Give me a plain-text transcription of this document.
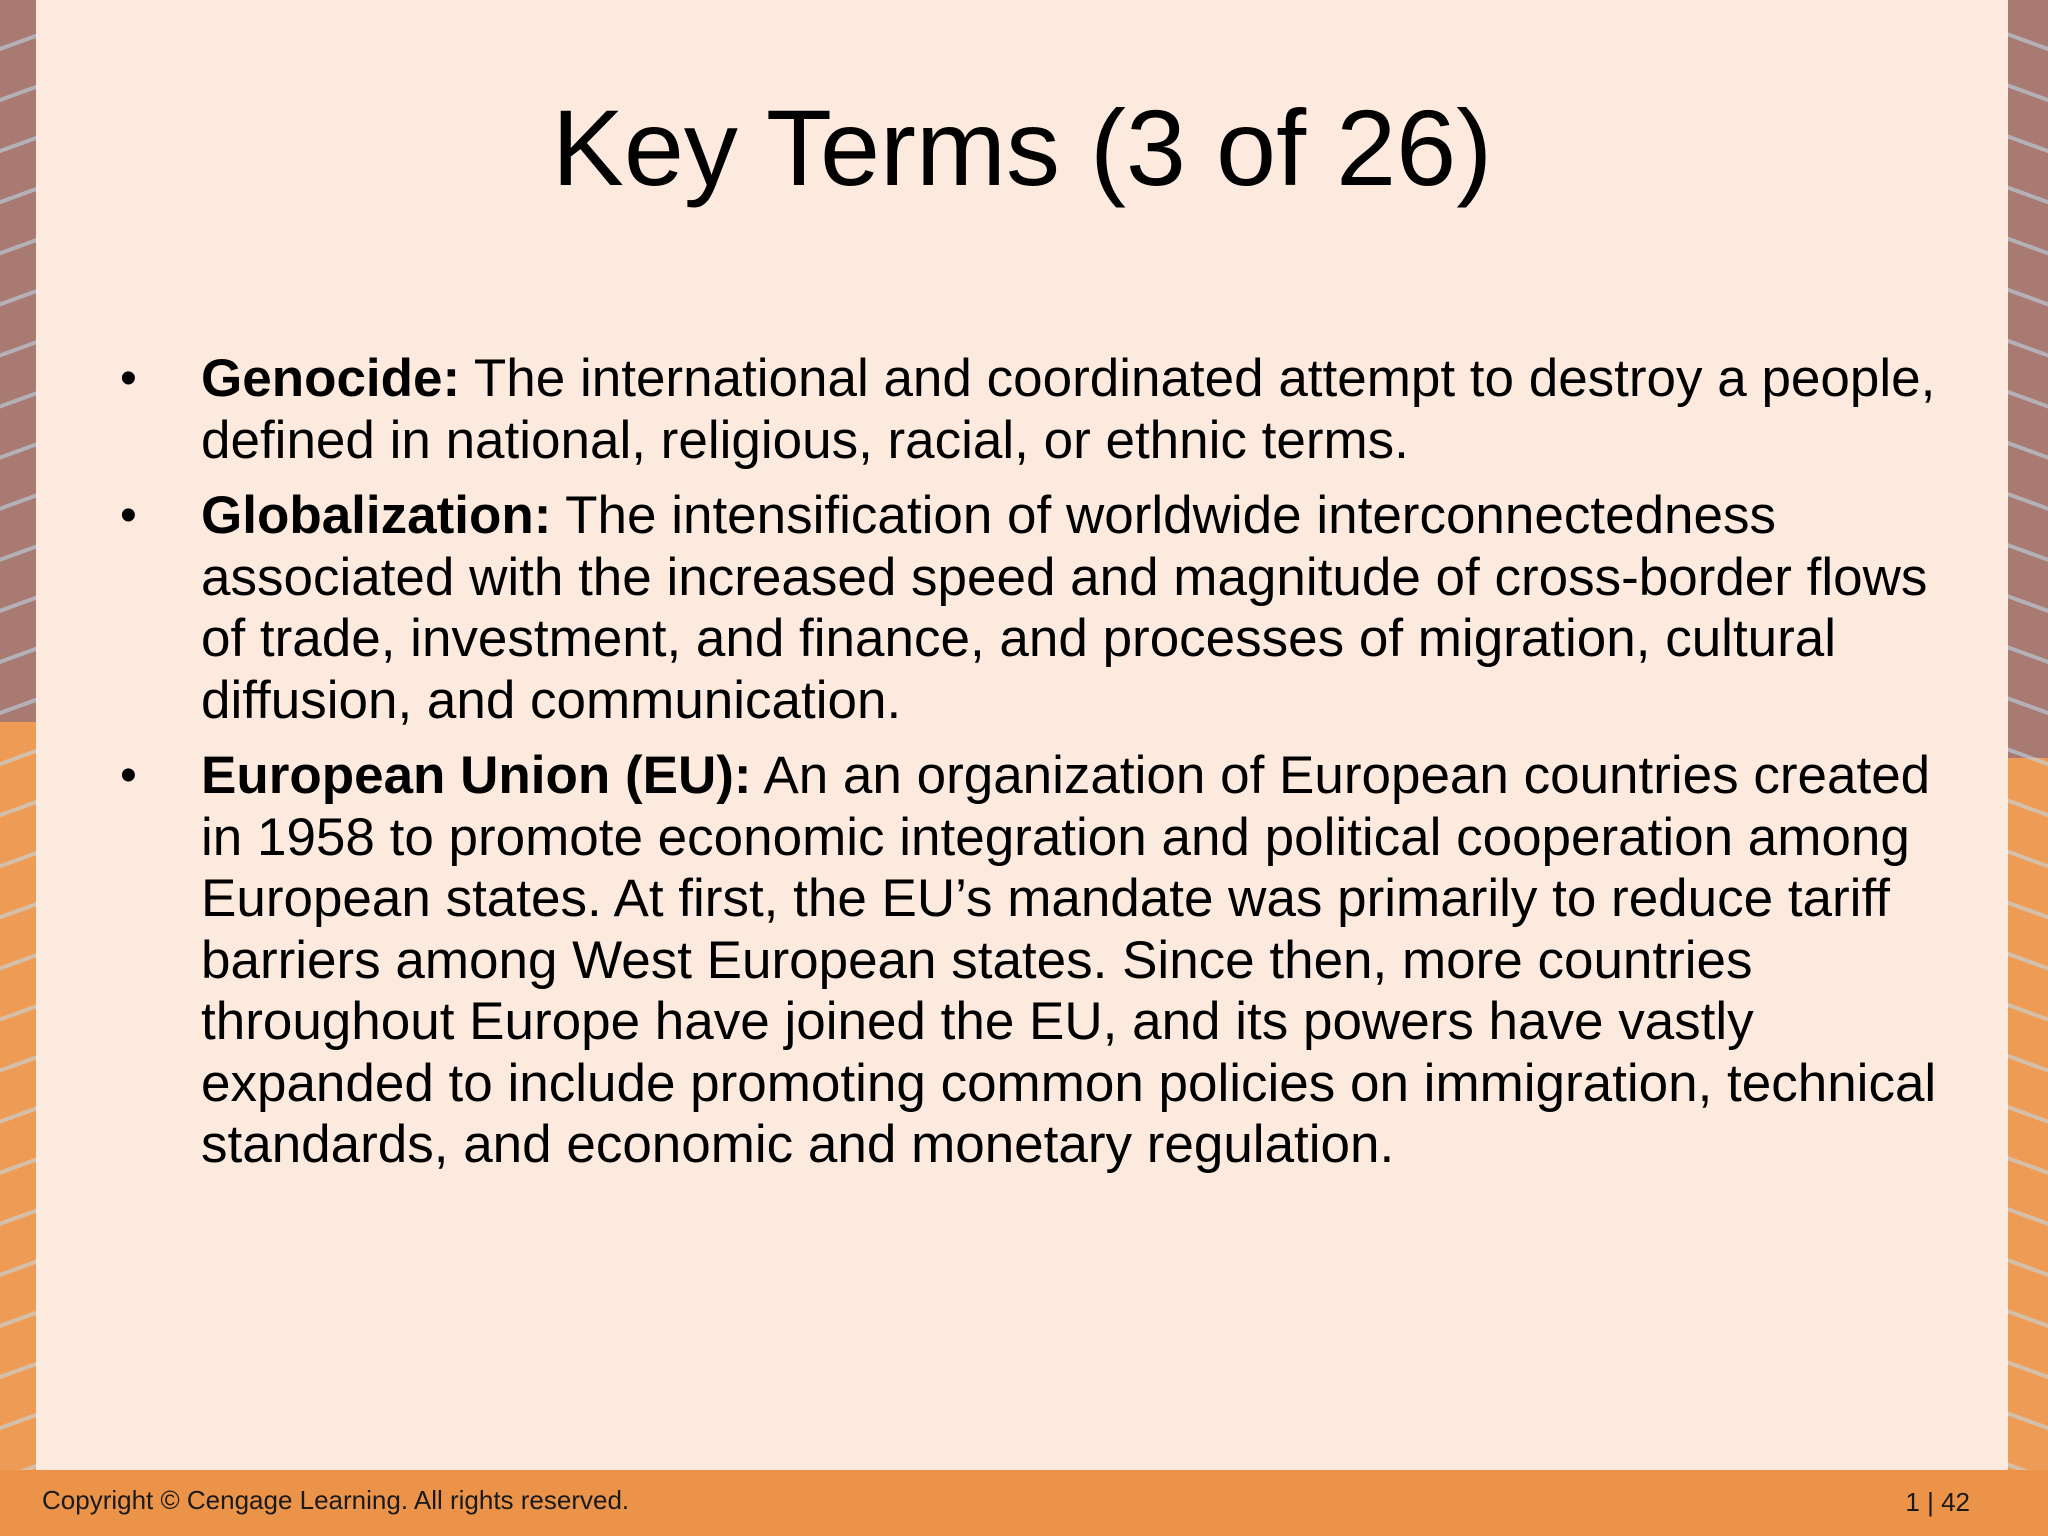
Key Terms (3 of 26)
• Genocide: The international and coordinated attempt to destroy a people, defined in national, religious, racial, or ethnic terms.
• Globalization: The intensification of worldwide interconnectedness associated with the increased speed and magnitude of cross-border flows of trade, investment, and finance, and processes of migration, cultural diffusion, and communication.
• European Union (EU): An an organization of European countries created in 1958 to promote economic integration and political cooperation among European states. At first, the EU’s mandate was primarily to reduce tariff barriers among West European states. Since then, more countries throughout Europe have joined the EU, and its powers have vastly expanded to include promoting common policies on immigration, technical standards, and economic and monetary regulation.
Copyright © Cengage Learning. All rights reserved.	1 | 42
